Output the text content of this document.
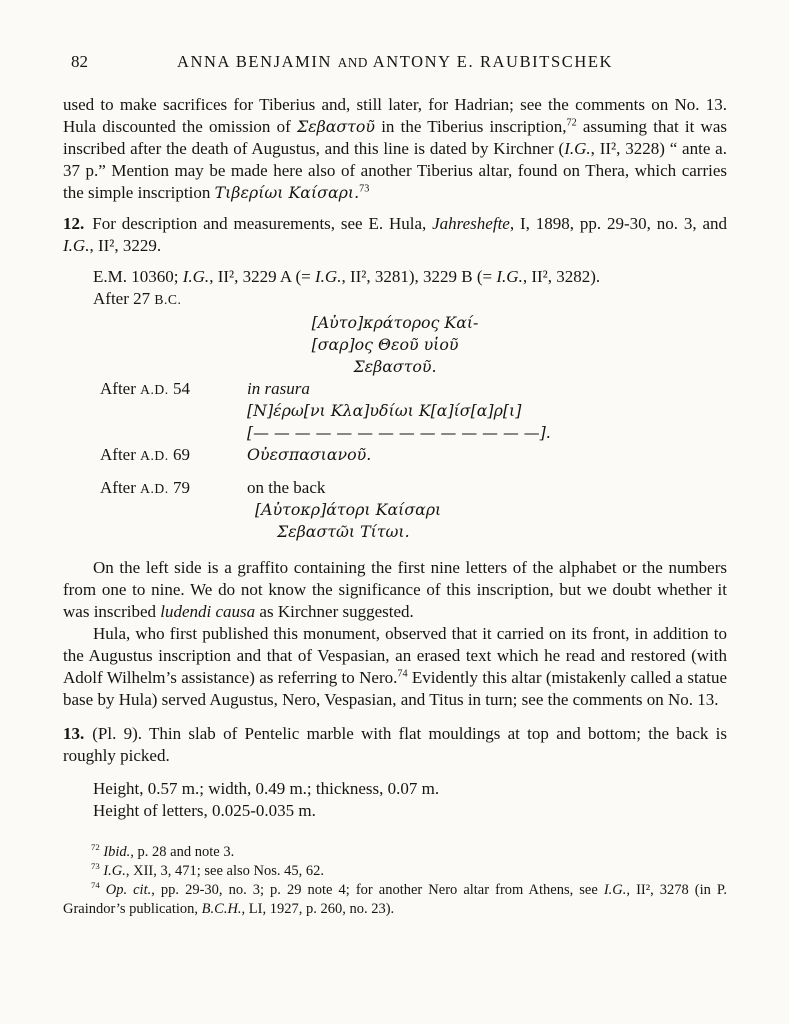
82	ANNA BENJAMIN AND ANTONY E. RAUBITSCHEK
used to make sacrifices for Tiberius and, still later, for Hadrian; see the comments on No. 13. Hula discounted the omission of Σεβαστοῦ in the Tiberius inscription,$^{72}$ assuming that it was inscribed after the death of Augustus, and this line is dated by Kirchner (I.G., II², 3228) “ ante a. 37 p.” Mention may be made here also of another Tiberius altar, found on Thera, which carries the simple inscription Τιβερίωι Καίσαρι.$^{73}$
12. For description and measurements, see E. Hula, Jahreshefte, I, 1898, pp. 29-30, no. 3, and I.G., II², 3229.
E.M. 10360; I.G., II², 3229 A (= I.G., II², 3281), 3229 B (= I.G., II², 3282).
After 27 B.C.
[Αὐτο]κράτορος Καί-
[σαρ]ος Θεοῦ υἱοῦ
Σεβαστοῦ.
After A.D. 54	in rasura
[Ν]έρω[νι Κλα]υδίωι Κ[α]ίσ[α]ρ[ι]
[— — — — — — — — — — — — — —].
After A.D. 69	Οὐεσπασιανοῦ.
After A.D. 79	on the back
[Αὐτοκρ]άτορι Καίσαρι
Σεβαστῶι Τίτωι.
On the left side is a graffito containing the first nine letters of the alphabet or the numbers from one to nine. We do not know the significance of this inscription, but we doubt whether it was inscribed ludendi causa as Kirchner suggested.
Hula, who first published this monument, observed that it carried on its front, in addition to the Augustus inscription and that of Vespasian, an erased text which he read and restored (with Adolf Wilhelm’s assistance) as referring to Nero.$^{74}$ Evidently this altar (mistakenly called a statue base by Hula) served Augustus, Nero, Vespasian, and Titus in turn; see the comments on No. 13.
13. (Pl. 9). Thin slab of Pentelic marble with flat mouldings at top and bottom; the back is roughly picked.
Height, 0.57 m.; width, 0.49 m.; thickness, 0.07 m.
Height of letters, 0.025-0.035 m.
$^{72}$ Ibid., p. 28 and note 3.
$^{73}$ I.G., XII, 3, 471; see also Nos. 45, 62.
$^{74}$ Op. cit., pp. 29-30, no. 3; p. 29 note 4; for another Nero altar from Athens, see I.G., II², 3278 (in P. Graindor’s publication, B.C.H., LI, 1927, p. 260, no. 23).
